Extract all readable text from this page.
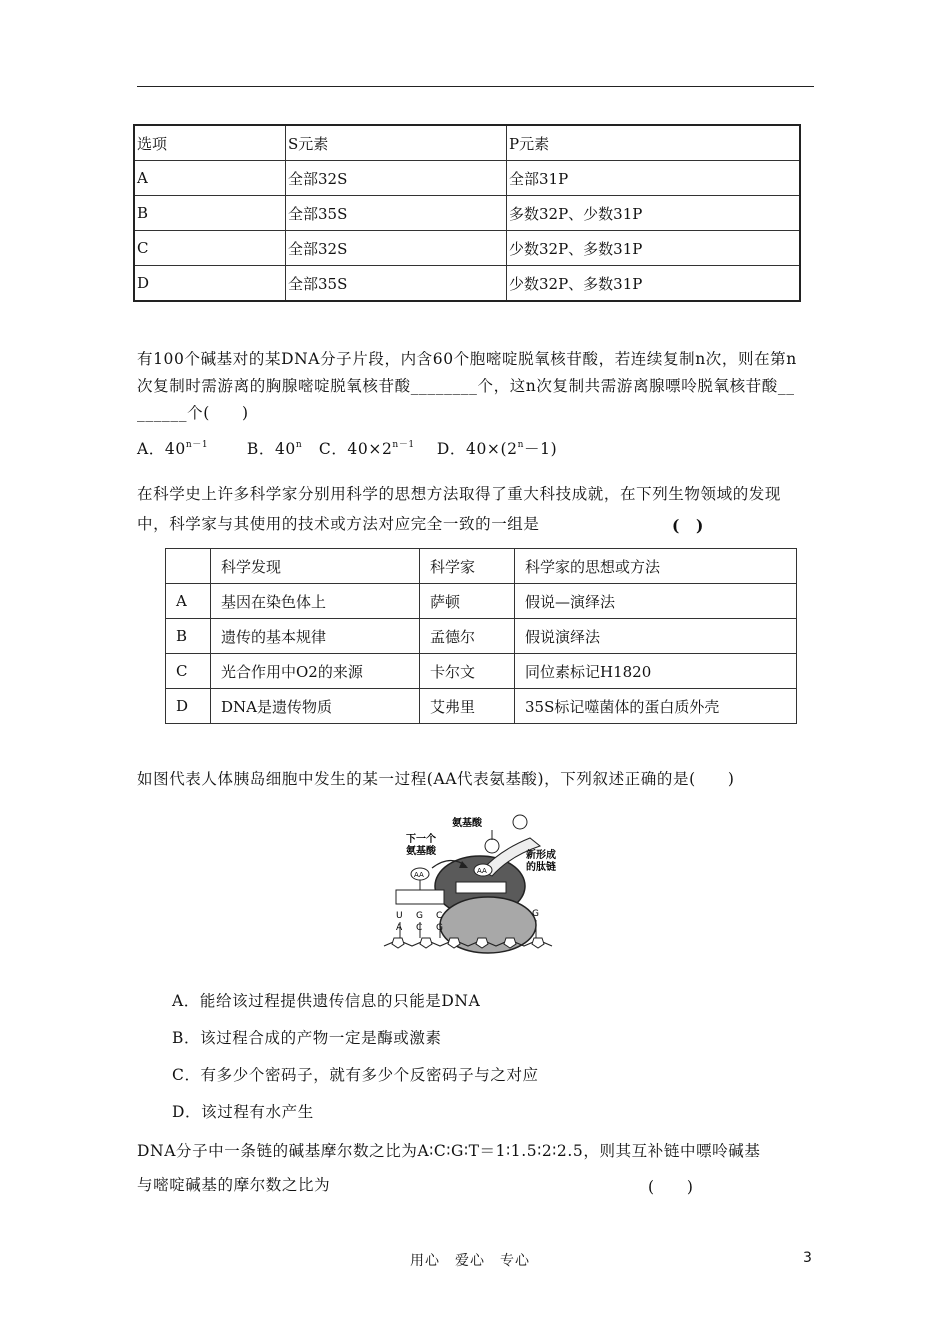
选项	S元素	P元素
A	全部32S	全部31P
B	全部35S	多数32P、少数31P
C	全部32S	少数32P、多数31P
D	全部35S	少数32P、多数31P
有100个碱基对的某DNA分子片段，内含60个胞嘧啶脱氧核苷酸，若连续复制n次，则在第n
次复制时需游离的胸腺嘧啶脱氧核苷酸________个，这n次复制共需游离腺嘌呤脱氧核苷酸__
______个(　　)
A．$40^{n-1}$ B．40$^n$ C．$40\times 2^{n-1}$ D．$40\times(2^n-1)$
在科学史上许多科学家分别用科学的思想方法取得了重大科技成就，在下列生物领域的发现
中，科学家与其使用的技术或方法对应完全一致的一组是	(　)
	科学发现	科学家	科学家的思想或方法
A	基因在染色体上	萨顿	假说—演绎法
B	遗传的基本规律	孟德尔	假说演绎法
C	光合作用中O2的来源	卡尔文	同位素标记H1820
D	DNA是遗传物质	艾弗里	35S标记噬菌体的蛋白质外壳
如图代表人体胰岛细胞中发生的某一过程(AA代表氨基酸)，下列叙述正确的是(　　)
AA
AA
下一个
氨基酸
氨基酸
新形成
的肽链
U G C
A C G
G
A．能给该过程提供遗传信息的只能是DNA
B．该过程合成的产物一定是酶或激素
C．有多少个密码子，就有多少个反密码子与之对应
D．该过程有水产生
DNA分子中一条链的碱基摩尔数之比为A∶C∶G∶T＝1∶1.5∶2∶2.5，则其互补链中嘌呤碱基
与嘧啶碱基的摩尔数之比为	(　　)
用心　爱心　专心	3
